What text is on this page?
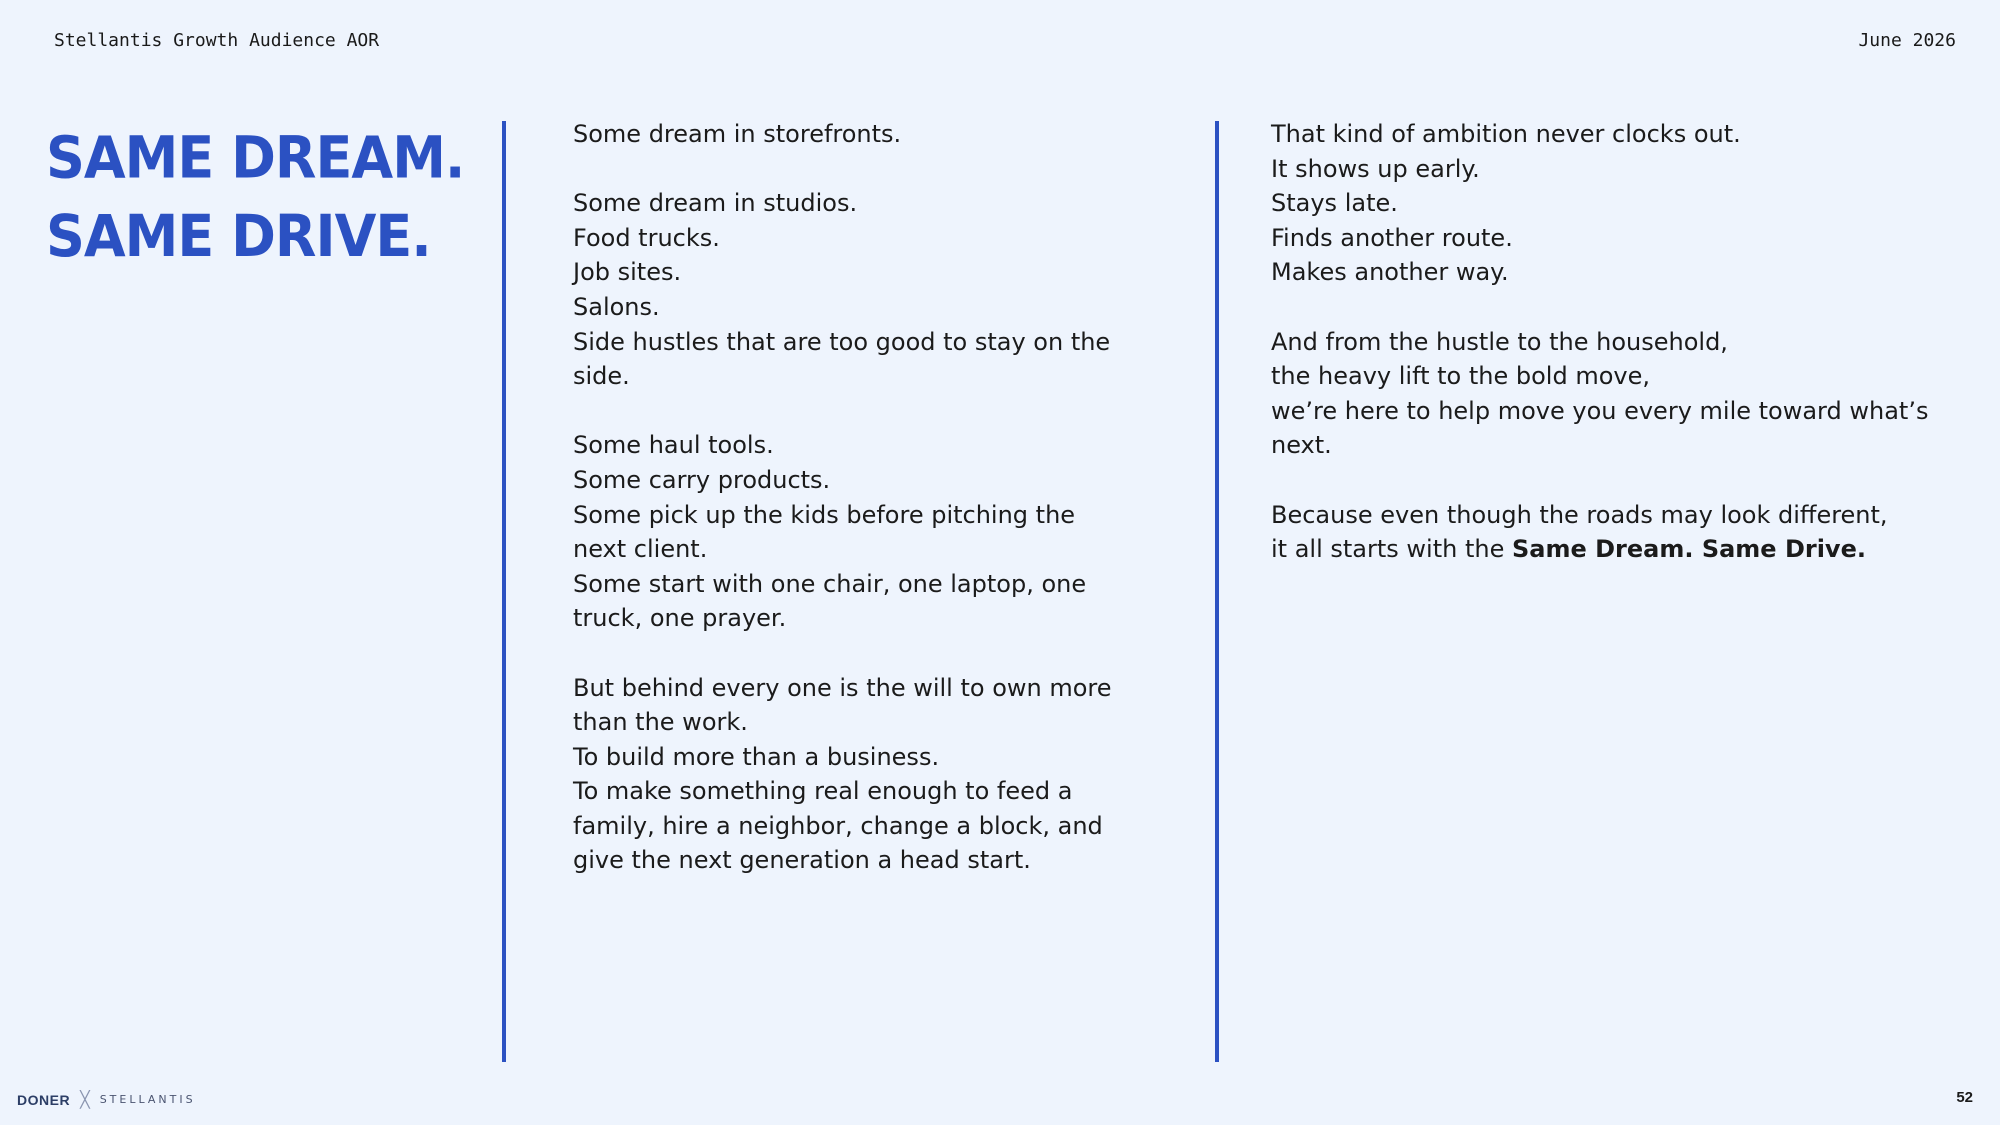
Stellantis Growth Audience AOR	June 2026
SAME DREAM.
SAME DRIVE.
Some dream in storefronts.
Some dream in studios.
Food trucks.
Job sites.
Salons.
Side hustles that are too good to stay on the
side.
Some haul tools.
Some carry products.
Some pick up the kids before pitching the
next client.
Some start with one chair, one laptop, one
truck, one prayer.
But behind every one is the will to own more
than the work.
To build more than a business.
To make something real enough to feed a
family, hire a neighbor, change a block, and
give the next generation a head start.
That kind of ambition never clocks out.
It shows up early.
Stays late.
Finds another route.
Makes another way.
And from the hustle to the household,
the heavy lift to the bold move,
we’re here to help move you every mile toward what’s
next.
Because even though the roads may look different,
it all starts with the Same Dream. Same Drive.
DONER ╳ STELLANTIS	52
